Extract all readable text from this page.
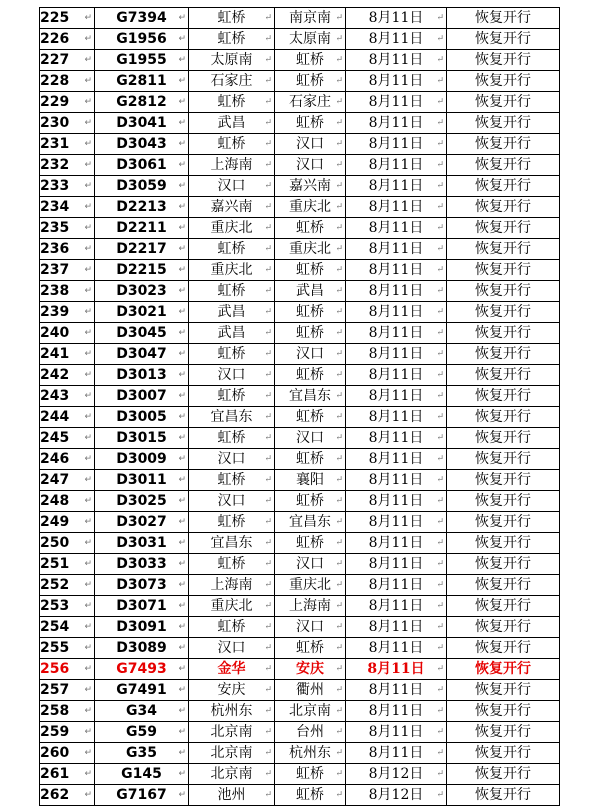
225 ↵	G7394 ↵	虹桥 ↵	南京南 ↵	8月11日 ↵	恢复开行
226 ↵	G1956 ↵	虹桥 ↵	太原南 ↵	8月11日 ↵	恢复开行
227 ↵	G1955 ↵	太原南 ↵	虹桥 ↵	8月11日 ↵	恢复开行
228 ↵	G2811 ↵	石家庄 ↵	虹桥 ↵	8月11日 ↵	恢复开行
229 ↵	G2812 ↵	虹桥 ↵	石家庄 ↵	8月11日 ↵	恢复开行
230 ↵	D3041 ↵	武昌 ↵	虹桥 ↵	8月11日 ↵	恢复开行
231 ↵	D3043 ↵	虹桥 ↵	汉口 ↵	8月11日 ↵	恢复开行
232 ↵	D3061 ↵	上海南 ↵	汉口 ↵	8月11日 ↵	恢复开行
233 ↵	D3059 ↵	汉口 ↵	嘉兴南 ↵	8月11日 ↵	恢复开行
234 ↵	D2213 ↵	嘉兴南 ↵	重庆北 ↵	8月11日 ↵	恢复开行
235 ↵	D2211 ↵	重庆北 ↵	虹桥 ↵	8月11日 ↵	恢复开行
236 ↵	D2217 ↵	虹桥 ↵	重庆北 ↵	8月11日 ↵	恢复开行
237 ↵	D2215 ↵	重庆北 ↵	虹桥 ↵	8月11日 ↵	恢复开行
238 ↵	D3023 ↵	虹桥 ↵	武昌 ↵	8月11日 ↵	恢复开行
239 ↵	D3021 ↵	武昌 ↵	虹桥 ↵	8月11日 ↵	恢复开行
240 ↵	D3045 ↵	武昌 ↵	虹桥 ↵	8月11日 ↵	恢复开行
241 ↵	D3047 ↵	虹桥 ↵	汉口 ↵	8月11日 ↵	恢复开行
242 ↵	D3013 ↵	汉口 ↵	虹桥 ↵	8月11日 ↵	恢复开行
243 ↵	D3007 ↵	虹桥 ↵	宜昌东 ↵	8月11日 ↵	恢复开行
244 ↵	D3005 ↵	宜昌东 ↵	虹桥 ↵	8月11日 ↵	恢复开行
245 ↵	D3015 ↵	虹桥 ↵	汉口 ↵	8月11日 ↵	恢复开行
246 ↵	D3009 ↵	汉口 ↵	虹桥 ↵	8月11日 ↵	恢复开行
247 ↵	D3011 ↵	虹桥 ↵	襄阳 ↵	8月11日 ↵	恢复开行
248 ↵	D3025 ↵	汉口 ↵	虹桥 ↵	8月11日 ↵	恢复开行
249 ↵	D3027 ↵	虹桥 ↵	宜昌东 ↵	8月11日 ↵	恢复开行
250 ↵	D3031 ↵	宜昌东 ↵	虹桥 ↵	8月11日 ↵	恢复开行
251 ↵	D3033 ↵	虹桥 ↵	汉口 ↵	8月11日 ↵	恢复开行
252 ↵	D3073 ↵	上海南 ↵	重庆北 ↵	8月11日 ↵	恢复开行
253 ↵	D3071 ↵	重庆北 ↵	上海南 ↵	8月11日 ↵	恢复开行
254 ↵	D3091 ↵	虹桥 ↵	汉口 ↵	8月11日 ↵	恢复开行
255 ↵	D3089 ↵	汉口 ↵	虹桥 ↵	8月11日 ↵	恢复开行
256 ↵	G7493 ↵	金华 ↵	安庆 ↵	8月11日 ↵	恢复开行
257 ↵	G7491 ↵	安庆 ↵	衢州 ↵	8月11日 ↵	恢复开行
258 ↵	G34 ↵	杭州东 ↵	北京南 ↵	8月11日 ↵	恢复开行
259 ↵	G59 ↵	北京南 ↵	台州 ↵	8月11日 ↵	恢复开行
260 ↵	G35 ↵	北京南 ↵	杭州东 ↵	8月11日 ↵	恢复开行
261 ↵	G145 ↵	北京南 ↵	虹桥 ↵	8月12日 ↵	恢复开行
262 ↵	G7167 ↵	池州 ↵	虹桥 ↵	8月12日 ↵	恢复开行
